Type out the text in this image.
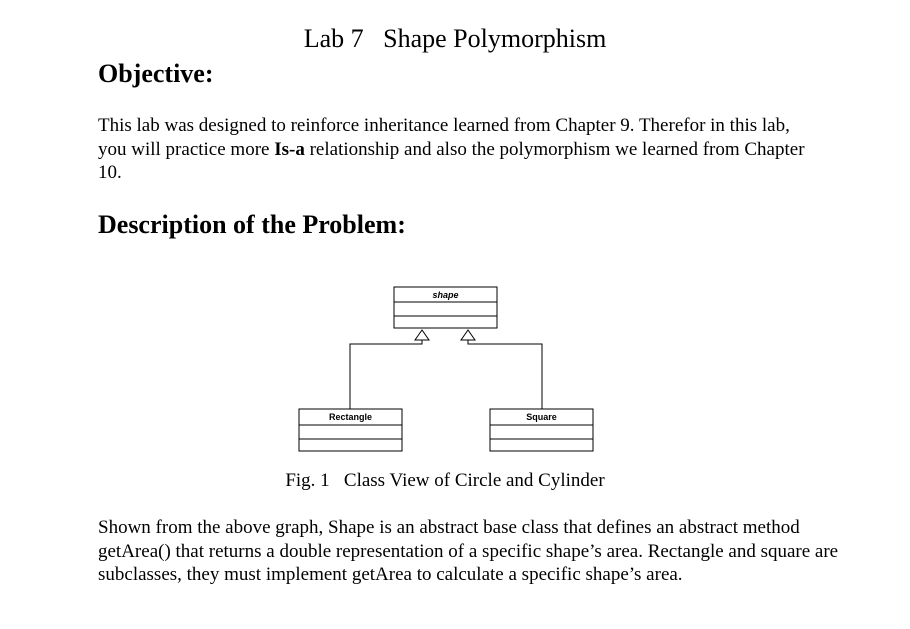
Lab 7 Shape Polymorphism
Objective:
This lab was designed to reinforce inheritance learned from Chapter 9. Therefor in this lab, you will practice more Is-a relationship and also the polymorphism we learned from Chapter 10.
Description of the Problem:
shape
Rectangle	Square
Fig. 1   Class View of Circle and Cylinder
Shown from the above graph, Shape is an abstract base class that defines an abstract method getArea() that returns a double representation of a specific shape’s area. Rectangle and square are subclasses, they must implement getArea to calculate a specific shape’s area.
